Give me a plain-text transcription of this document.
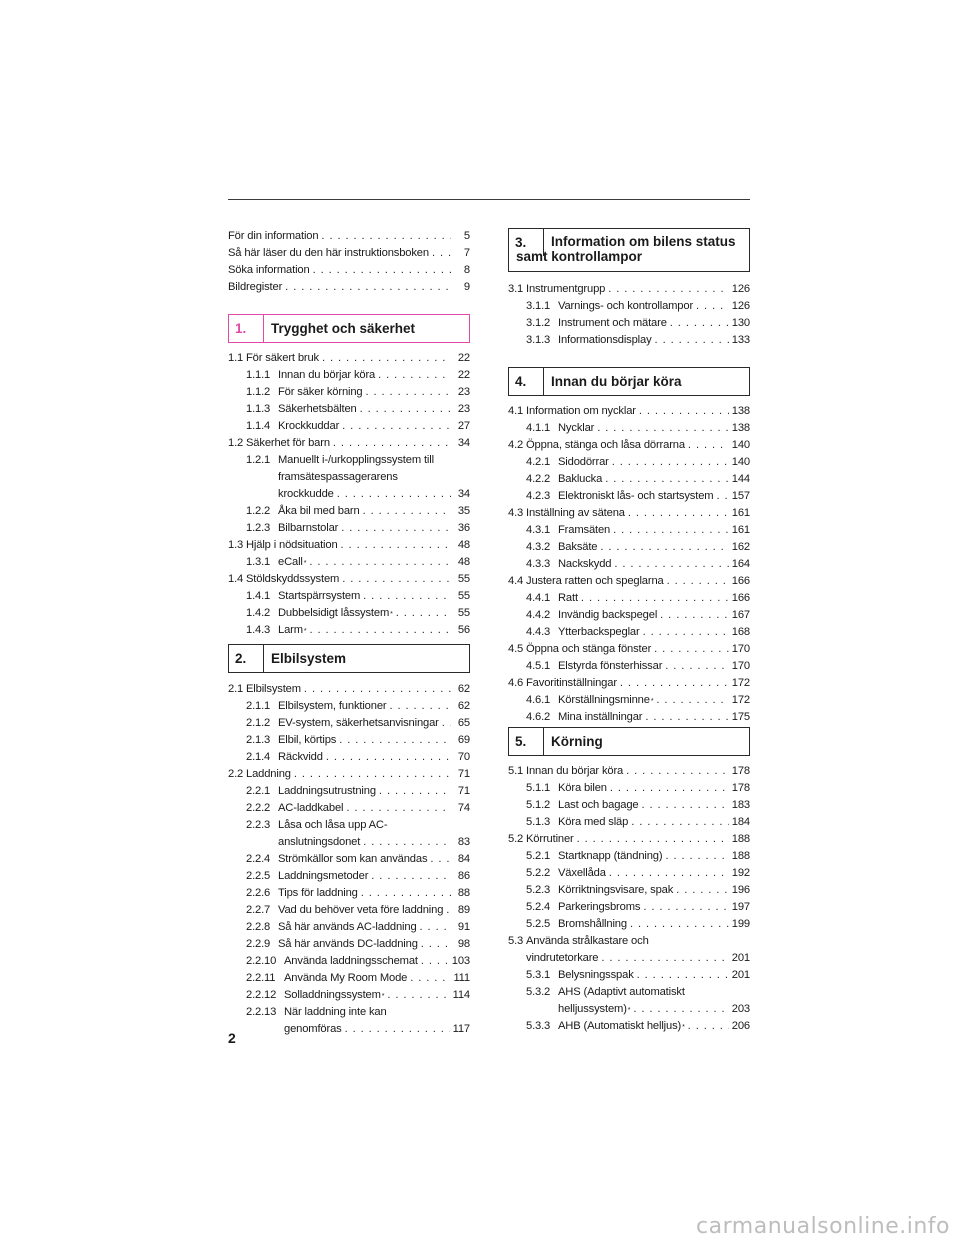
För din information . . .	5
Så här läser du den här instruktionsboken . . .	7
Söka information . . .	8
Bildregister . . .	9
1.	Trygghet och säkerhet
1.1 För säkert bruk . . .	22
1.1.1 Innan du börjar köra . . .	22
1.1.2 För säker körning . . .	23
1.1.3 Säkerhetsbälten . . .	23
1.1.4 Krockkuddar . . .	27
1.2 Säkerhet för barn . . .	34
1.2.1 Manuellt i-/urkopplingssystem till
framsätespassagerarens
krockkudde . . .	34
1.2.2 Åka bil med barn . . .	35
1.2.3 Bilbarnstolar . . .	36
1.3 Hjälp i nödsituation . . .	48
1.3.1 eCall * . . .	48
1.4 Stöldskyddssystem . . .	55
1.4.1 Startspärrsystem . . .	55
1.4.2 Dubbelsidigt låssystem * . . .	55
1.4.3 Larm * . . .	56
2.	Elbilsystem
2.1 Elbilsystem . . .	62
2.1.1 Elbilsystem, funktioner . . .	62
2.1.2 EV-system, säkerhetsanvisningar . . .	65
2.1.3 Elbil, körtips . . .	69
2.1.4 Räckvidd . . .	70
2.2 Laddning . . .	71
2.2.1 Laddningsutrustning . . .	71
2.2.2 AC-laddkabel . . .	74
2.2.3 Låsa och låsa upp AC-
anslutningsdonet . . .	83
2.2.4 Strömkällor som kan användas . . .	84
2.2.5 Laddningsmetoder . . .	86
2.2.6 Tips för laddning . . .	88
2.2.7 Vad du behöver veta före laddning . . .	89
2.2.8 Så här används AC-laddning . . .	91
2.2.9 Så här används DC-laddning . . .	98
2.2.10 Använda laddningsschemat . . .	103
2.2.11 Använda My Room Mode . . .	111
2.2.12 Solladdningssystem * . . .	114
2.2.13 När laddning inte kan
genomföras . . .	117
3.	Information om bilens status
samt kontrollampor
3.1 Instrumentgrupp . . .	126
3.1.1 Varnings- och kontrollampor . . .	126
3.1.2 Instrument och mätare . . .	130
3.1.3 Informationsdisplay . . .	133
4.	Innan du börjar köra
4.1 Information om nycklar . . .	138
4.1.1 Nycklar . . .	138
4.2 Öppna, stänga och låsa dörrarna . . .	140
4.2.1 Sidodörrar . . .	140
4.2.2 Baklucka . . .	144
4.2.3 Elektroniskt lås- och startsystem . . . 157
4.3 Inställning av sätena . . .	161
4.3.1 Framsäten . . .	161
4.3.2 Baksäte . . .	162
4.3.3 Nackskydd . . .	164
4.4 Justera ratten och speglarna . . .	166
4.4.1 Ratt . . .	166
4.4.2 Invändig backspegel . . .	167
4.4.3 Ytterbackspeglar . . .	168
4.5 Öppna och stänga fönster . . .	170
4.5.1 Elstyrda fönsterhissar . . .	170
4.6 Favoritinställningar . . .	172
4.6.1 Körställningsminne * . . .	172
4.6.2 Mina inställningar . . .	175
5.	Körning
5.1 Innan du börjar köra . . .	178
5.1.1 Köra bilen . . .	178
5.1.2 Last och bagage . . .	183
5.1.3 Köra med släp . . .	184
5.2 Körrutiner . . .	188
5.2.1 Startknapp (tändning) . . .	188
5.2.2 Växellåda . . .	192
5.2.3 Körriktningsvisare, spak . . .	196
5.2.4 Parkeringsbroms . . .	197
5.2.5 Bromshållning . . .	199
5.3 Använda strålkastare och
vindrutetorkare . . .	201
5.3.1 Belysningsspak . . .	201
5.3.2 AHS (Adaptivt automatiskt
helljussystem) * . . .	203
5.3.3 AHB (Automatiskt helljus) * . . .	206
2
carmanualsonline.info
